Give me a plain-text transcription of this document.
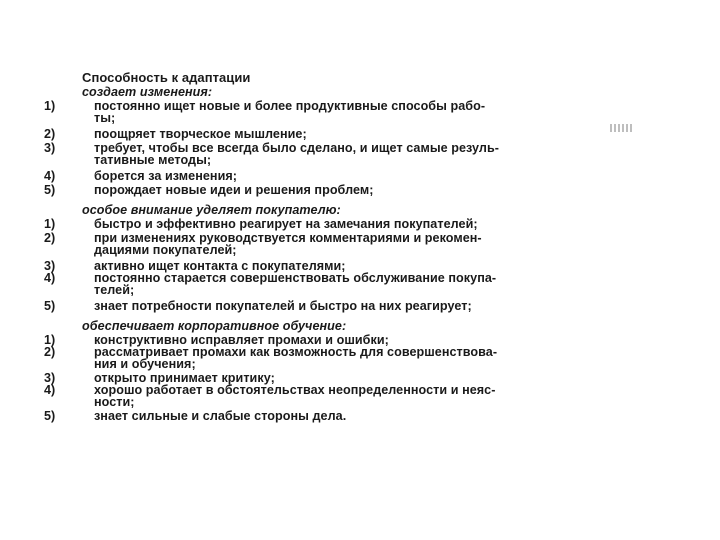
Способность к адаптации
создает изменения:
1)	постоянно ищет новые и более продуктивные способы рабо-
ты;
2)	поощряет творческое мышление;
3)	требует, чтобы все всегда было сделано, и ищет самые резуль-
тативные методы;
4)	борется за изменения;
5)	порождает новые идеи и решения проблем;
особое внимание уделяет покупателю:
1)	быстро и эффективно реагирует на замечания покупателей;
2)	при изменениях руководствуется комментариями и рекомен-
дациями покупателей;
3)	активно ищет контакта с покупателями;
4)	постоянно старается совершенствовать обслуживание покупа-
телей;
5)	знает потребности покупателей и быстро на них реагирует;
обеспечивает корпоративное обучение:
1)	конструктивно исправляет промахи и ошибки;
2)	рассматривает промахи как возможность для совершенствова-
ния и обучения;
3)	открыто принимает критику;
4)	хорошо работает в обстоятельствах неопределенности и неяс-
ности;
5)	знает сильные и слабые стороны дела.
